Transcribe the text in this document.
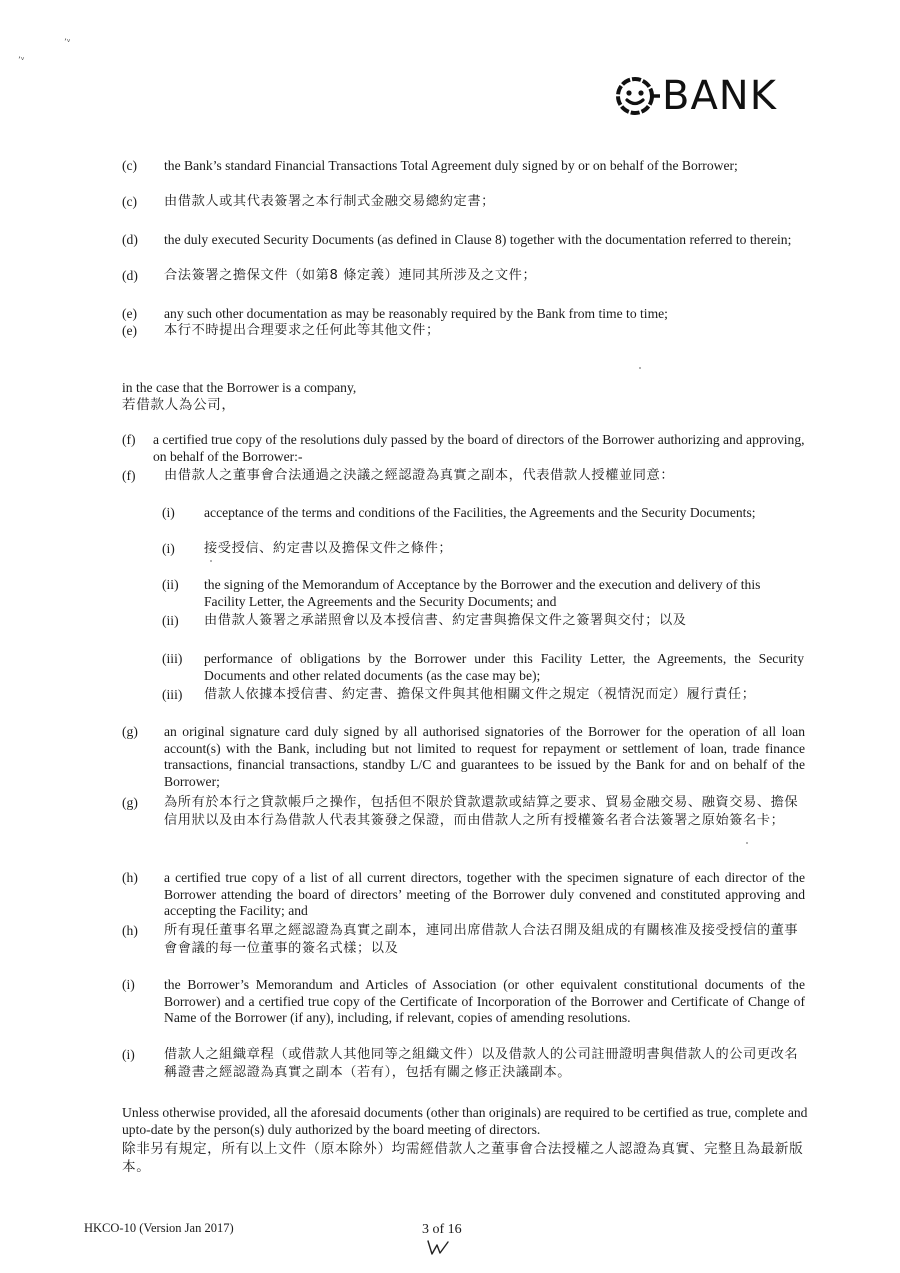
ʼᵛ
ʼᵛ
BANK
(c)	the Bank’s standard Financial Transactions Total Agreement duly signed by or on behalf of the Borrower;
(c)	由借款人或其代表簽署之本行制式金融交易總約定書；
(d)	the duly executed Security Documents (as defined in Clause 8) together with the documentation referred to therein;
(d)	合法簽署之擔保文件（如第8 條定義）連同其所涉及之文件；
(e)	any such other documentation as may be reasonably required by the Bank from time to time;
(e)	本行不時提出合理要求之任何此等其他文件；
in the case that the Borrower is a company,
若借款人為公司，
(f)	a certified true copy of the resolutions duly passed by the board of directors of the Borrower authorizing and approving, on behalf of the Borrower:-
(f)	由借款人之董事會合法通過之決議之經認證為真實之副本，代表借款人授權並同意：
(i)	acceptance of the terms and conditions of the Facilities, the Agreements and the Security Documents;
(i)	接受授信、約定書以及擔保文件之條件；
(ii)	the signing of the Memorandum of Acceptance by the Borrower and the execution and delivery of this Facility Letter, the Agreements and the Security Documents; and
(ii)	由借款人簽署之承諾照會以及本授信書、約定書與擔保文件之簽署與交付；以及
(iii)	performance of obligations by the Borrower under this Facility Letter, the Agreements, the Security Documents and other related documents (as the case may be);
(iii)	借款人依據本授信書、約定書、擔保文件與其他相關文件之規定（視情況而定）履行責任；
(g)	an original signature card duly signed by all authorised signatories of the Borrower for the operation of all loan account(s) with the Bank, including but not limited to request for repayment or settlement of loan, trade finance transactions, financial transactions, standby L/C and guarantees to be issued by the Bank for and on behalf of the Borrower;
(g)	為所有於本行之貸款帳戶之操作，包括但不限於貸款還款或結算之要求、貿易金融交易、融資交易、擔保信用狀以及由本行為借款人代表其簽發之保證，而由借款人之所有授權簽名者合法簽署之原始簽名卡；
(h)	a certified true copy of a list of all current directors, together with the specimen signature of each director of the Borrower attending the board of directors’ meeting of the Borrower duly convened and constituted approving and accepting the Facility; and
(h)	所有現任董事名單之經認證為真實之副本，連同出席借款人合法召開及組成的有關核准及接受授信的董事會會議的每一位董事的簽名式樣；以及
(i)	the Borrower’s Memorandum and Articles of Association (or other equivalent constitutional documents of the Borrower) and a certified true copy of the Certificate of Incorporation of the Borrower and Certificate of Change of Name of the Borrower (if any), including, if relevant, copies of amending resolutions.
(i)	借款人之組織章程（或借款人其他同等之組織文件）以及借款人的公司註冊證明書與借款人的公司更改名稱證書之經認證為真實之副本（若有），包括有關之修正決議副本。
Unless otherwise provided, all the aforesaid documents (other than originals) are required to be certified as true, complete and upto-date by the person(s) duly authorized by the board meeting of directors.
除非另有規定，所有以上文件（原本除外）均需經借款人之董事會合法授權之人認證為真實、完整且為最新版本。
HKCO-10 (Version Jan 2017)	3 of 16
